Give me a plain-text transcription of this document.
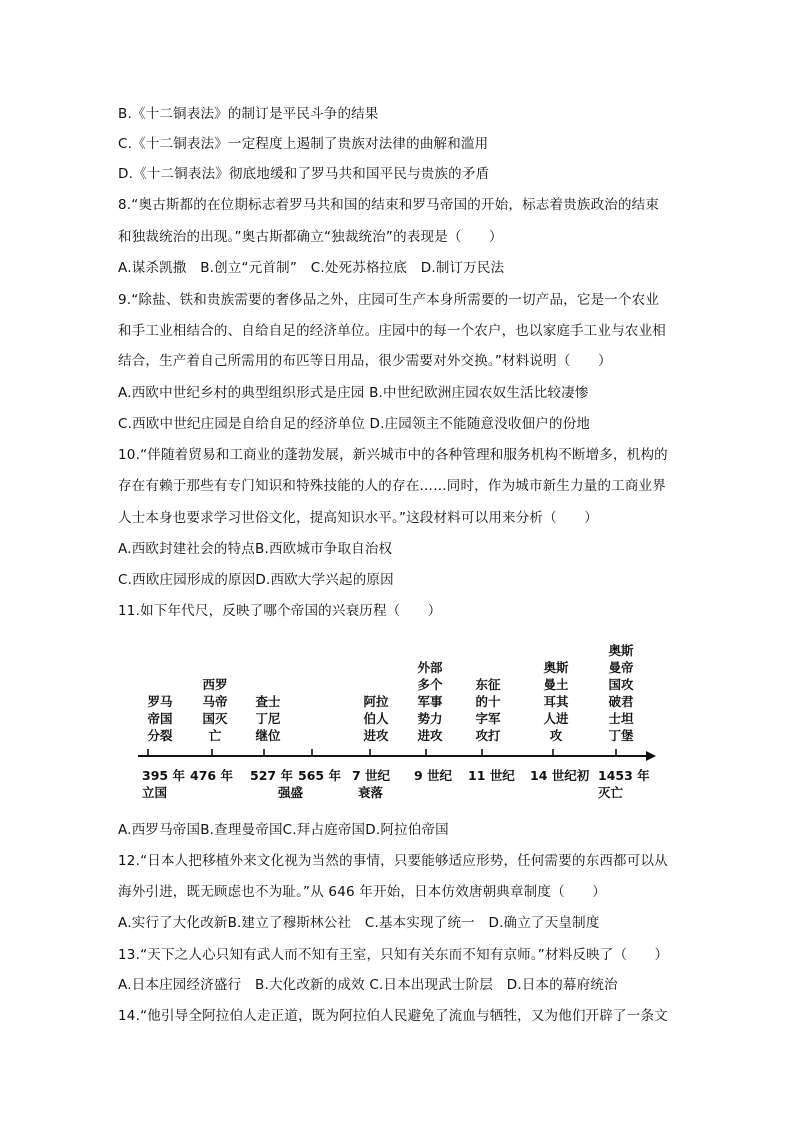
B.《十二铜表法》的制订是平民斗争的结果
C.《十二铜表法》一定程度上遏制了贵族对法律的曲解和滥用
D.《十二铜表法》彻底地缓和了罗马共和国平民与贵族的矛盾
8.“奥古斯都的在位期标志着罗马共和国的结束和罗马帝国的开始，标志着贵族政治的结束
和独裁统治的出现。”奥古斯都确立“独裁统治”的表现是（　　）
A.谋杀凯撒　B.创立“元首制”　C.处死苏格拉底　D.制订万民法
9.“除盐、铁和贵族需要的奢侈品之外，庄园可生产本身所需要的一切产品，它是一个农业
和手工业相结合的、自给自足的经济单位。庄园中的每一个农户，也以家庭手工业与农业相
结合，生产着自己所需用的布匹等日用品，很少需要对外交换。”材料说明（　　）
A.西欧中世纪乡村的典型组织形式是庄园 B.中世纪欧洲庄园农奴生活比较凄惨
C.西欧中世纪庄园是自给自足的经济单位 D.庄园领主不能随意没收佃户的份地
10.“伴随着贸易和工商业的蓬勃发展，新兴城市中的各种管理和服务机构不断增多，机构的
存在有赖于那些有专门知识和特殊技能的人的存在……同时，作为城市新生力量的工商业界
人士本身也要求学习世俗文化，提高知识水平。”这段材料可以用来分析（　　）
A.西欧封建社会的特点B.西欧城市争取自治权
C.西欧庄园形成的原因D.西欧大学兴起的原因
11.如下年代尺，反映了哪个帝国的兴衰历程（　　）
A.西罗马帝国B.查理曼帝国C.拜占庭帝国D.阿拉伯帝国
12.“日本人把移植外来文化视为当然的事情，只要能够适应形势，任何需要的东西都可以从
海外引进，既无顾虑也不为耻。”从 646 年开始，日本仿效唐朝典章制度（　　）
A.实行了大化改新B.建立了穆斯林公社　C.基本实现了统一　D.确立了天皇制度
13.“天下之人心只知有武人而不知有王室，只知有关东而不知有京师。”材料反映了（　　）
A.日本庄园经济盛行　B.大化改新的成效 C.日本出现武士阶层　D.日本的幕府统治
14.“他引导全阿拉伯人走正道，既为阿拉伯人民避免了流血与牺牲，又为他们开辟了一条文
罗马
帝国
分裂
395 年
立国
西罗
马帝
国灭
亡
476 年
查士
丁尼
继位
527 年 565 年
阿拉
伯人
进攻
7 世纪
外部
多个
军事
势力
进攻
9 世纪
东征
的十
字军
攻打
11 世纪
奥斯
曼土
耳其
人进
攻
14 世纪初
奥斯
曼帝
国攻
破君
士坦
丁堡
1453 年
灭亡
强盛	衰落
